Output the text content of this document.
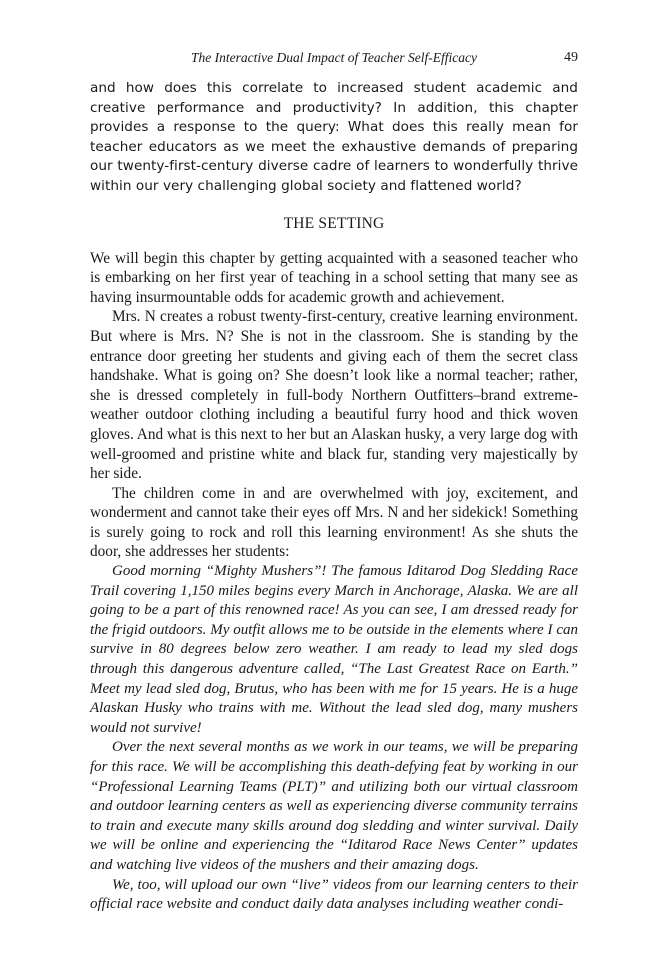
The Interactive Dual Impact of Teacher Self-Efficacy	49

and how does this correlate to increased student academic and creative performance and productivity? In addition, this chapter provides a response to the query: What does this really mean for teacher educators as we meet the exhaustive demands of preparing our twenty-first-century diverse cadre of learners to wonderfully thrive within our very challenging global society and flattened world?

THE SETTING

We will begin this chapter by getting acquainted with a seasoned teacher who is embarking on her first year of teaching in a school setting that many see as having insurmountable odds for academic growth and achievement.

Mrs. N creates a robust twenty-first-century, creative learning environment. But where is Mrs. N? She is not in the classroom. She is standing by the entrance door greeting her students and giving each of them the secret class handshake. What is going on? She doesn’t look like a normal teacher; rather, she is dressed completely in full-body Northern Outfitters–brand extreme-weather outdoor clothing including a beautiful furry hood and thick woven gloves. And what is this next to her but an Alaskan husky, a very large dog with well-groomed and pristine white and black fur, standing very majestically by her side.

The children come in and are overwhelmed with joy, excitement, and wonderment and cannot take their eyes off Mrs. N and her sidekick! Something is surely going to rock and roll this learning environment! As she shuts the door, she addresses her students:

Good morning “Mighty Mushers”! The famous Iditarod Dog Sledding Race Trail covering 1,150 miles begins every March in Anchorage, Alaska. We are all going to be a part of this renowned race! As you can see, I am dressed ready for the frigid outdoors. My outfit allows me to be outside in the elements where I can survive in 80 degrees below zero weather. I am ready to lead my sled dogs through this dangerous adventure called, “The Last Greatest Race on Earth.” Meet my lead sled dog, Brutus, who has been with me for 15 years. He is a huge Alaskan Husky who trains with me. Without the lead sled dog, many mushers would not survive!

Over the next several months as we work in our teams, we will be preparing for this race. We will be accomplishing this death-defying feat by working in our “Professional Learning Teams (PLT)” and utilizing both our virtual classroom and outdoor learning centers as well as experiencing diverse community terrains to train and execute many skills around dog sledding and winter survival. Daily we will be online and experiencing the “Iditarod Race News Center” updates and watching live videos of the mushers and their amazing dogs.

We, too, will upload our own “live” videos from our learning centers to their official race website and conduct daily data analyses including weather condi-
